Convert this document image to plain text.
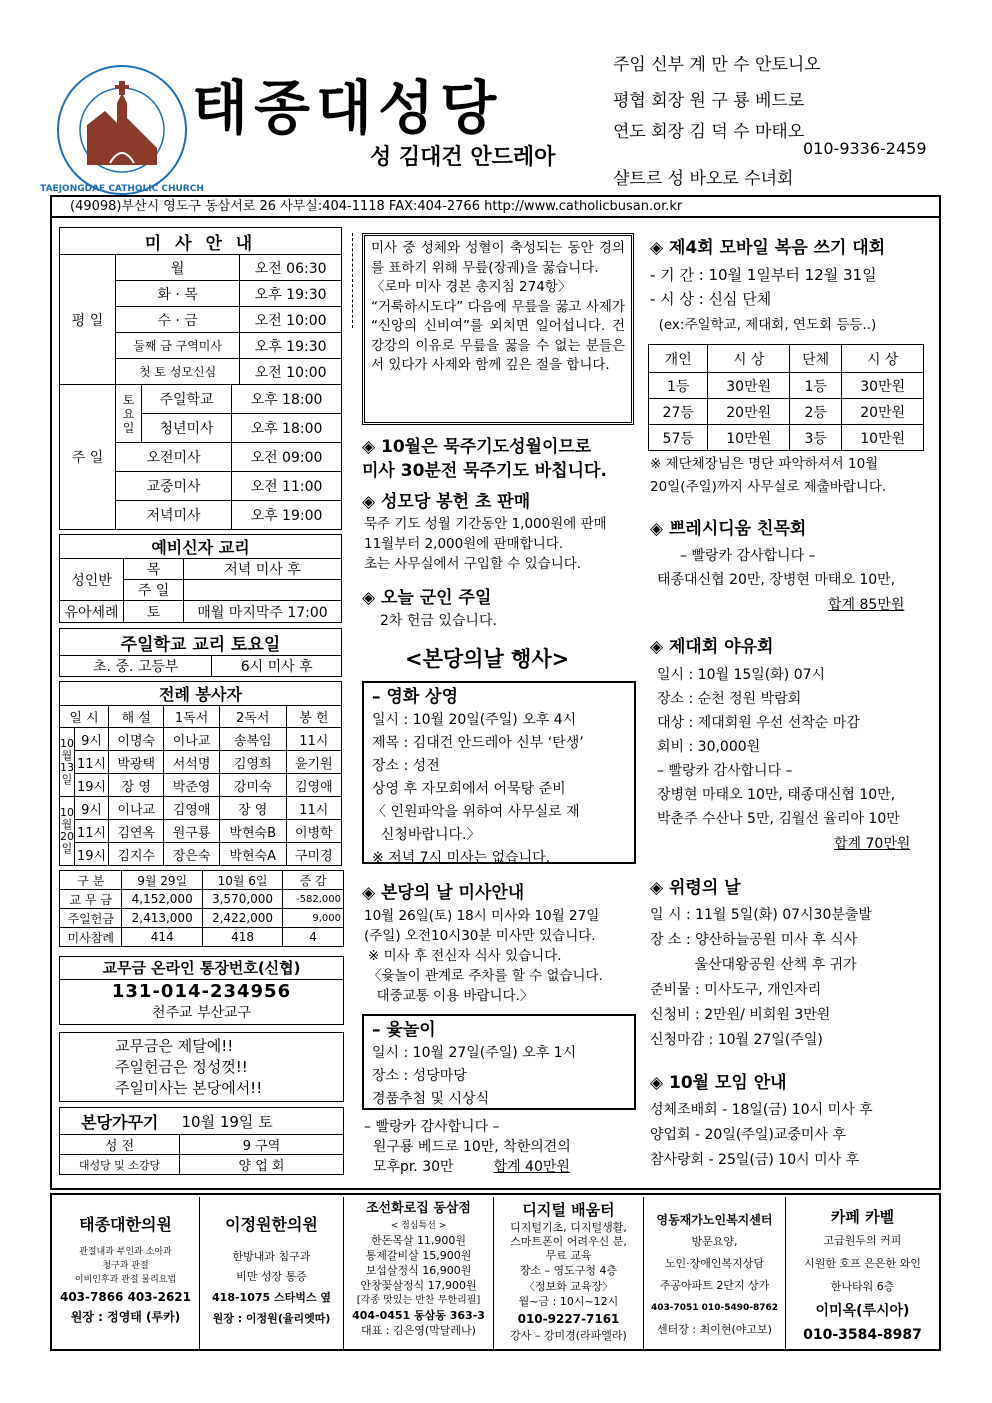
TAEJONGDAE CATHOLIC CHURCH
태종대성당
성 김대건 안드레아
주임 신부 계 만 수 안토니오
평협 회장 원 구 룡 베드로
연도 회장 김 덕 수 마태오
010-9336-2459
샬트르 성 바오로 수녀회
(49098)부산시 영도구 동삼서로 26 사무실:404-1118 FAX:404-2766 http://www.catholicbusan.or.kr
미 사 안 내		
평 일	월	오전 06:30
	화 · 목	오후 19:30
	수 · 금	오전 10:00
	둘째 금 구역미사	오후 19:30
	첫 토 성모신심	오전 10:00
주 일	토요일	주일학교	오후 18:00
		청년미사	오후 18:00
	오전미사		오전 09:00
	교중미사		오전 11:00
	저녁미사		오후 19:00
예비신자 교리		
성인반	목	저녁 미사 후
	주 일	
유아세례	토	매월 마지막주 17:00
주일학교 교리 토요일
초. 중. 고등부	6시 미사 후
전례 봉사자					
일 시		해 설	1독서	2독서	봉 헌
10월13일	9시	이명숙	이나교	송복임	11시
	11시	박광택	서석명	김영희	윤기원
	19시	장 영	박준영	강미숙	김영애
10월20일	9시	이나교	김영애	장 영	11시
	11시	김연옥	원구룡	박현숙B	이병학
	19시	김지수	장은숙	박현숙A	구미경
구 분	9월 29일	10월 6일	증 감
교 무 금	4,152,000	3,570,000	-582,000
주일헌금	2,413,000	2,422,000	9,000
미사참례	414	418	4
교무금 온라인 통장번호(신협)
131-014-234956
천주교 부산교구
교무금은 제달에!!
주일헌금은 정성껏!!
주일미사는 본당에서!!
본당가꾸기	10월 19일 토
성 전	9 구역
대성당 및 소강당	양 업 회
미사 중 성체와 성혈이 축성되는 동안 경의를 표하기 위해 무릎(장궤)을 꿇습니다.
〈로마 미사 경본 총지침 274항〉
“거룩하시도다” 다음에 무릎을 꿇고 사제가 “신앙의 신비여”를 외치면 일어섭니다. 건강강의 이유로 무릎을 꿇을 수 없는 분들은 서 있다가 사제와 함께 깊은 절을 합니다.
◈ 10월은 묵주기도성월이므로
미사 30분전 묵주기도 바칩니다.
◈ 성모당 봉헌 초 판매
묵주 기도 성월 기간동안 1,000원에 판매
11월부터 2,000원에 판매합니다.
초는 사무실에서 구입할 수 있습니다.
◈ 오늘 군인 주일
2차 헌금 있습니다.
<본당의날 행사>
– 영화 상영
일시 : 10월 20일(주일) 오후 4시
제목 : 김대건 안드레아 신부 ‘탄생’
장소 : 성전
상영 후 자모회에서 어묵탕 준비
〈 인원파악을 위하여 사무실로 재
신청바랍니다.〉
※ 저녁 7시 미사는 없습니다.
◈ 본당의 날 미사안내
10월 26일(토) 18시 미사와 10월 27일
(주일) 오전10시30분 미사만 있습니다.
※ 미사 후 전신자 식사 있습니다.
〈윷놀이 관계로 주차를 할 수 없습니다.
대중교통 이용 바랍니다.〉
– 윷놀이
일시 : 10월 27일(주일) 오후 1시
장소 : 성당마당
경품추첨 및 시상식
– 빨랑카 감사합니다 –
원구룡 베드로 10만, 착한의견의
모후pr. 30만	합계 40만원
◈ 제4회 모바일 복음 쓰기 대회
- 기 간 : 10월 1일부터 12월 31일
- 시 상 : 신심 단체
(ex:주일학교, 제대회, 연도회 등등..)
개인	시 상	단체	시 상
1등	30만원	1등	30만원
27등	20만원	2등	20만원
57등	10만원	3등	10만원
※ 제단체장님은 명단 파악하셔서 10월
20일(주일)까지 사무실로 제출바랍니다.
◈ 쁘레시디움 친목회
– 빨랑카 감사합니다 –
태종대신협 20만, 장병현 마태오 10만,
합계 85만원
◈ 제대회 야유회
일시 : 10월 15일(화) 07시
장소 : 순천 정원 박람회
대상 : 제대회원 우선 선착순 마감
회비 : 30,000원
– 빨랑카 감사합니다 –
장병현 마태오 10만, 태종대신협 10만,
박춘주 수산나 5만, 김월선 율리아 10만
합계 70만원
◈ 위령의 날
일 시 : 11월 5일(화) 07시30분출발
장 소 : 양산하늘공원 미사 후 식사
울산대왕공원 산책 후 귀가
준비물 : 미사도구, 개인자리
신청비 : 2만원/ 비회원 3만원
신청마감 : 10월 27일(주일)
◈ 10월 모임 안내
성체조배회 - 18일(금) 10시 미사 후
양업회 - 20일(주일)교중미사 후
참사랑회 - 25일(금) 10시 미사 후
태종대한의원
관절내과 부인과 소아과
청구과 관절
이비인후과 관절 물리요법
403-7866 403-2621
원장 : 정영태 (루카)
이정원한의원
한방내과 침구과
비만 성장 통증
418-1075 스타벅스 옆
원장 : 이정원(율리엣따)
조선화로집 동삼점
< 점심특선 >
한돈목살 11,900원
통제갈비살 15,900원
보섭살정식 16,900원
안창꽃살정식 17,900원
[각종 맛있는 반찬 무한리필]
404-0451 동삼동 363-3
대표 : 김은영(막달레나)
디지털 배움터
디지털기초, 디지털생활,
스마트폰이 어려우신 분,
무료 교육
장소 – 영도구청 4층
〈정보화 교육장〉
월~금 : 10시~12시
010-9227-7161
강사 – 강미경(라파엘라)
영동재가노인복지센터
방문요양,
노인·장애인복지상담
주공아파트 2단지 상가
403-7051 010-5490-8762
센터장 : 최이현(야고보)
카페 카벨
고급원두의 커피
시원한 호프 은은한 와인
한나타워 6층
이미옥(루시아)
010-3584-8987
